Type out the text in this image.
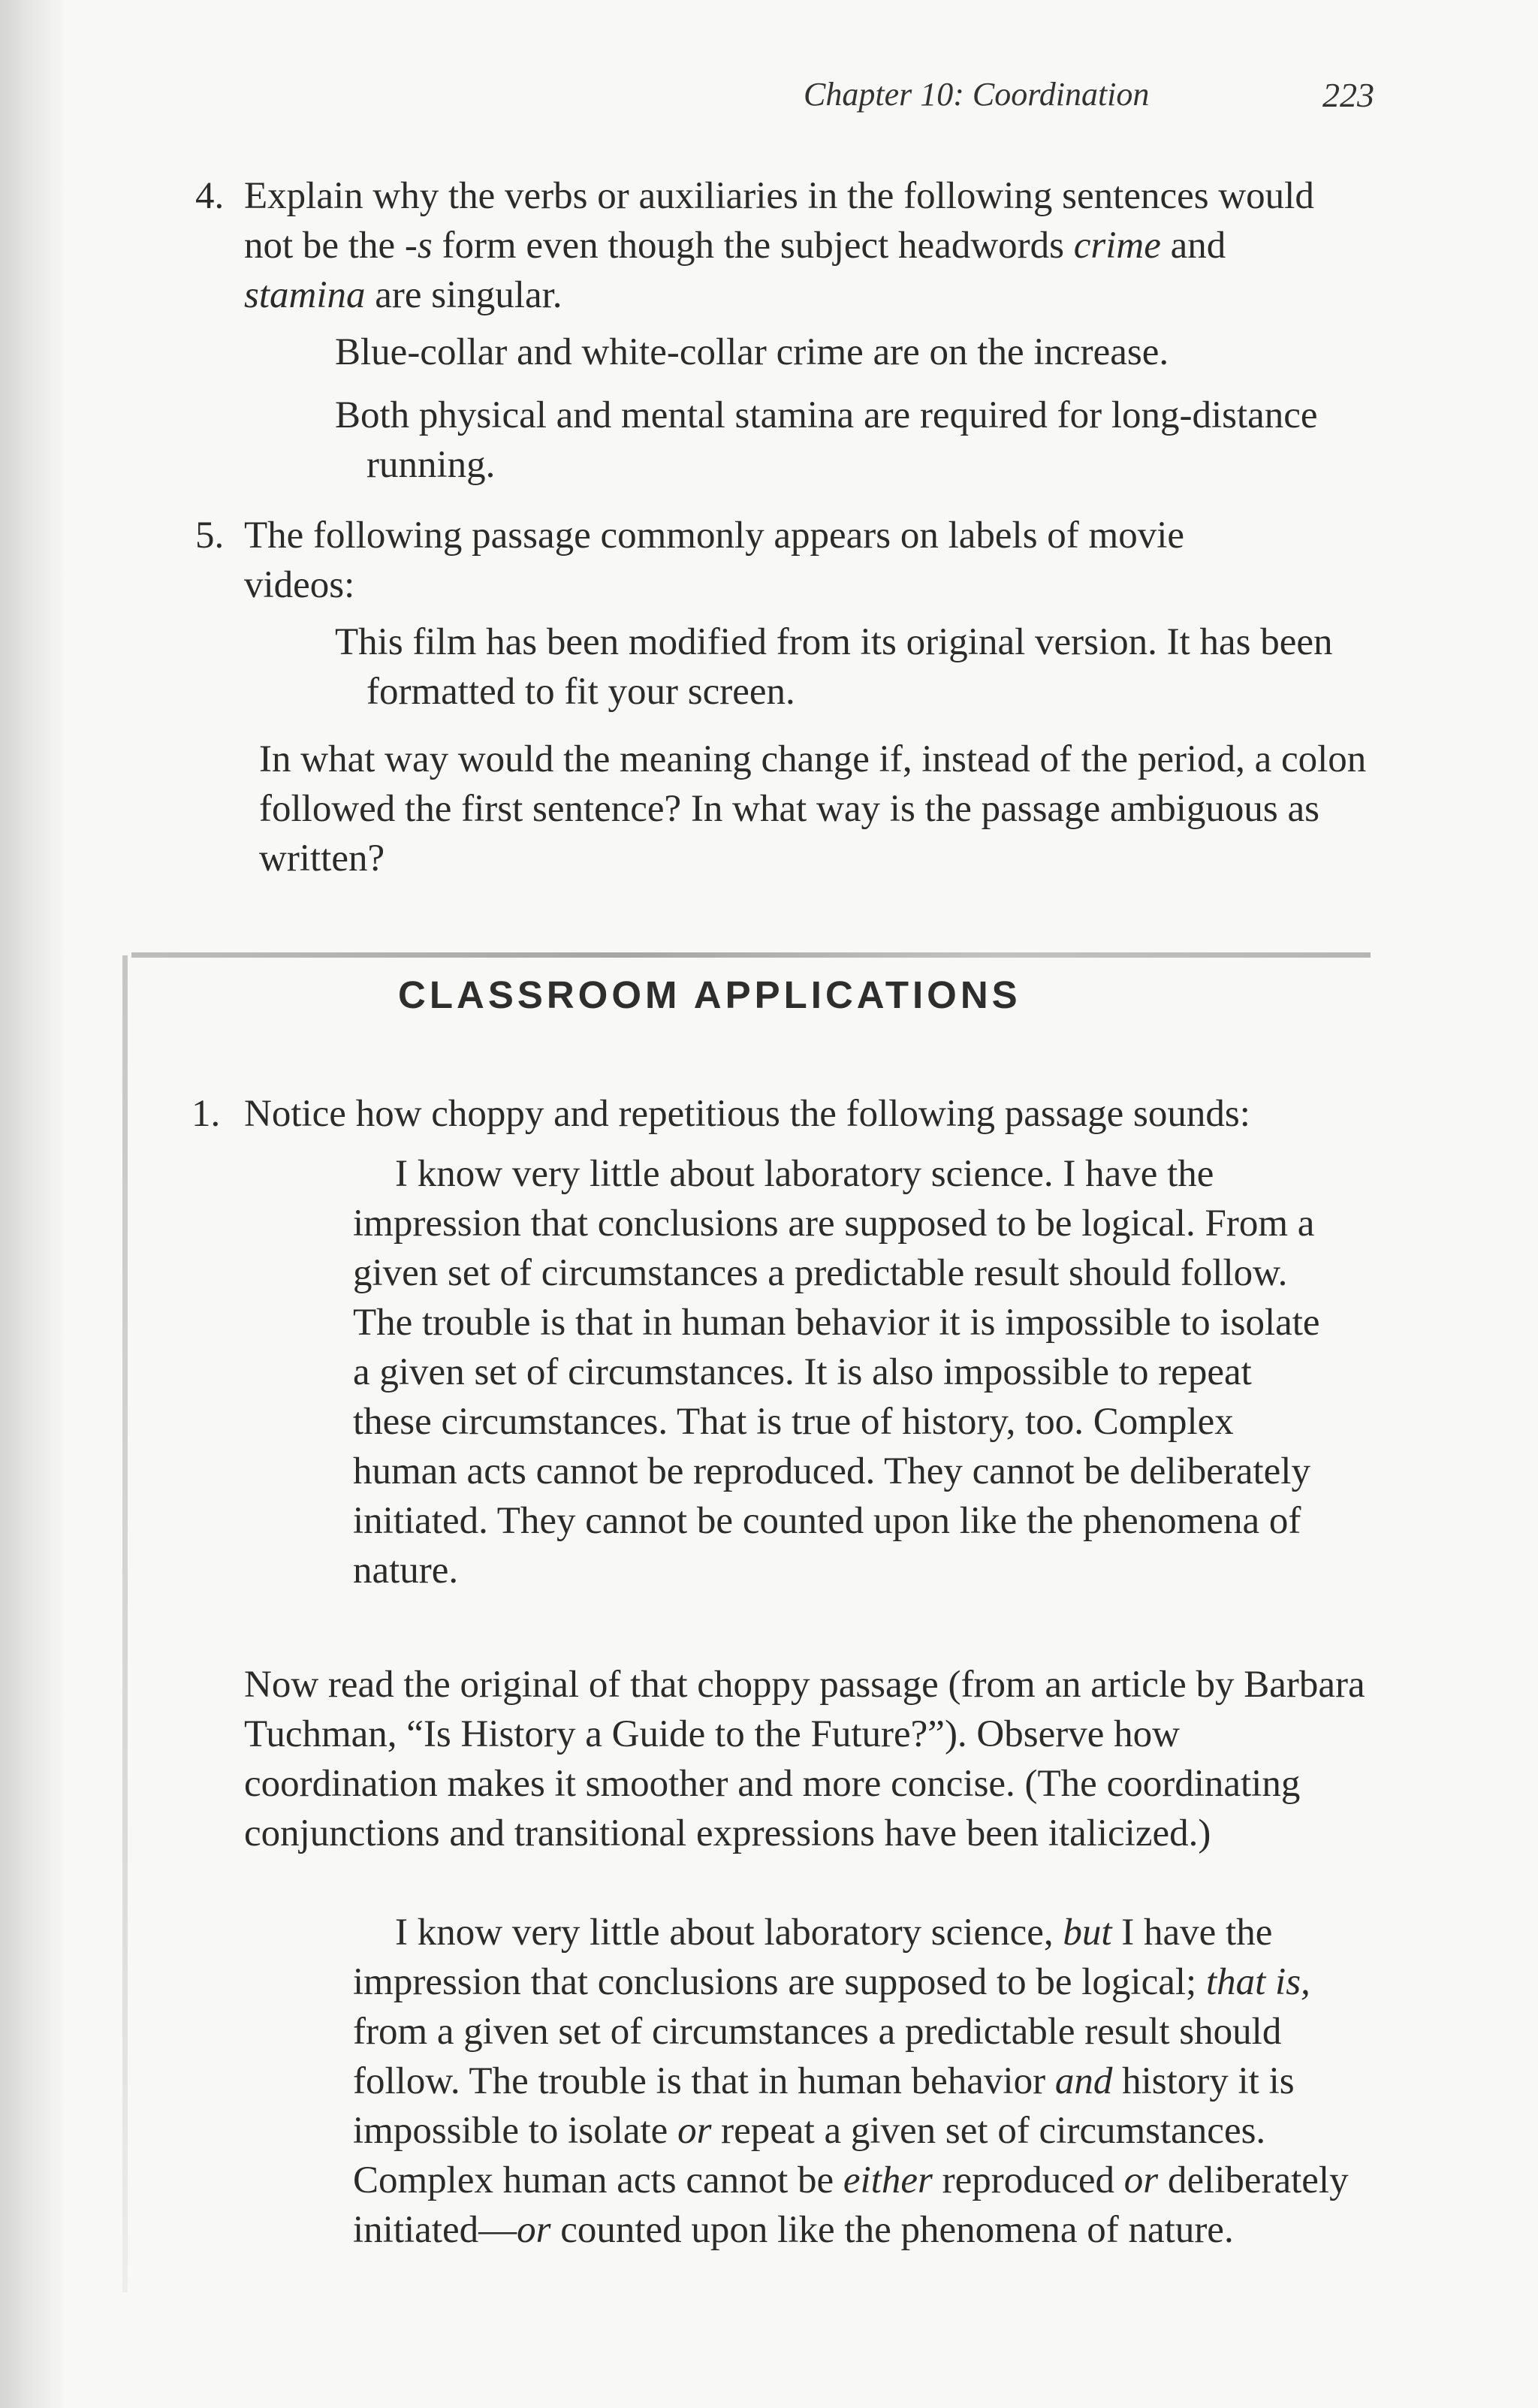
Chapter 10: Coordination	223

4. Explain why the verbs or auxiliaries in the following sentences would not be the -s form even though the subject headwords crime and stamina are singular.

Blue-collar and white-collar crime are on the increase.

Both physical and mental stamina are required for long-distance running.

5. The following passage commonly appears on labels of movie videos:

This film has been modified from its original version. It has been formatted to fit your screen.

In what way would the meaning change if, instead of the period, a colon followed the first sentence? In what way is the passage ambiguous as written?

CLASSROOM APPLICATIONS

1. Notice how choppy and repetitious the following passage sounds:

I know very little about laboratory science. I have the impression that conclusions are supposed to be logical. From a given set of circumstances a predictable result should follow. The trouble is that in human behavior it is impossible to isolate a given set of circumstances. It is also impossible to repeat these circumstances. That is true of history, too. Complex human acts cannot be reproduced. They cannot be deliberately initiated. They cannot be counted upon like the phenomena of nature.

Now read the original of that choppy passage (from an article by Barbara Tuchman, “Is History a Guide to the Future?”). Observe how coordination makes it smoother and more concise. (The coordinating conjunctions and transitional expressions have been italicized.)

I know very little about laboratory science, but I have the impression that conclusions are supposed to be logical; that is, from a given set of circumstances a predictable result should follow. The trouble is that in human behavior and history it is impossible to isolate or repeat a given set of circumstances. Complex human acts cannot be either reproduced or deliberately initiated—or counted upon like the phenomena of nature.
